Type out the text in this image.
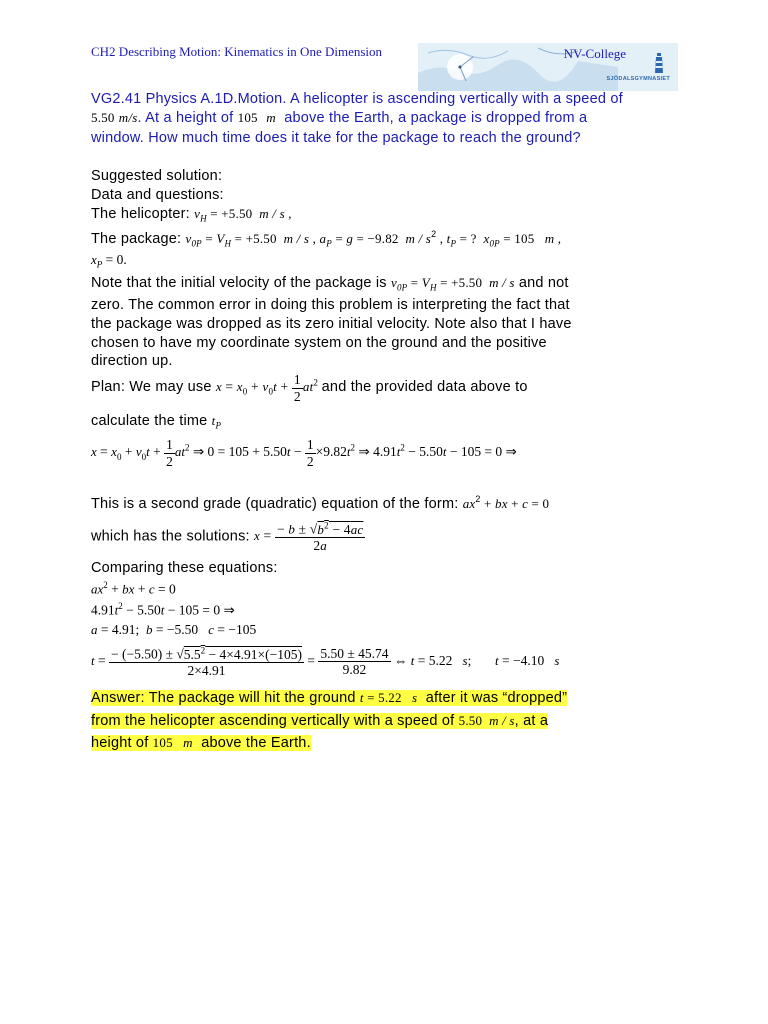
CH2 Describing Motion: Kinematics in One Dimension	NV-College
SJÖDALSGYMNASIET
VG2.41 Physics A.1D.Motion. A helicopter is ascending vertically with a speed of
5.50 m/s. At a height of 105 m above the Earth, a package is dropped from a
window. How much time does it take for the package to reach the ground?
Suggested solution:
Data and questions:
The helicopter: $v_H = +5.50$  m / s ,
The package: $v_{0P} = V_H = +5.50$  m / s , $a_P = g = -9.82$  m / $s^2$ , $t_P$ = ?  $x_{0P} = 105$   m ,
$x_P = 0$.
Note that the initial velocity of the package is $v_{0P} = V_H = +5.50$  m / s and not
zero. The common error in doing this problem is interpreting the fact that
the package was dropped as its zero initial velocity. Note also that I have
chosen to have my coordinate system on the ground and the positive
direction up.
Plan: We may use $x = x_0 + v_0t + \frac{1}{2} at^2$ and the provided data above to
calculate the time $t_P$
$x = x_0 + v_0t + \frac{1}{2} at^2$ ⇒ $0 = 105 + 5.50t - \frac{1}{2} \times 9.82t^2$ ⇒ $4.91t^2 - 5.50t - 105 = 0$ ⇒
This is a second grade (quadratic) equation of the form: $ax^2$ + bx + c = 0
which has the solutions: $x = \frac{- b \pm √b^2 - 4ac}{2a}$
Comparing these equations:
$ax^2$ + bx + c = 0
$4.91t^2 - 5.50t - 105 = 0$ ⇒
a = 4.91;  b = −5.50   c = −105
$t = \frac{- (-5.50) \pm √5.5^2 - 4\times 4.91\times(-105)}{2\times 4.91} = \frac{5.50 \pm 45.74}{9.82}$ ⇔ t = 5.22   s;       t = −4.10   s
Answer: The package will hit the ground t = 5.22   s after it was “dropped”
from the helicopter ascending vertically with a speed of 5.50  m / s, at a
height of 105   m above the Earth.
